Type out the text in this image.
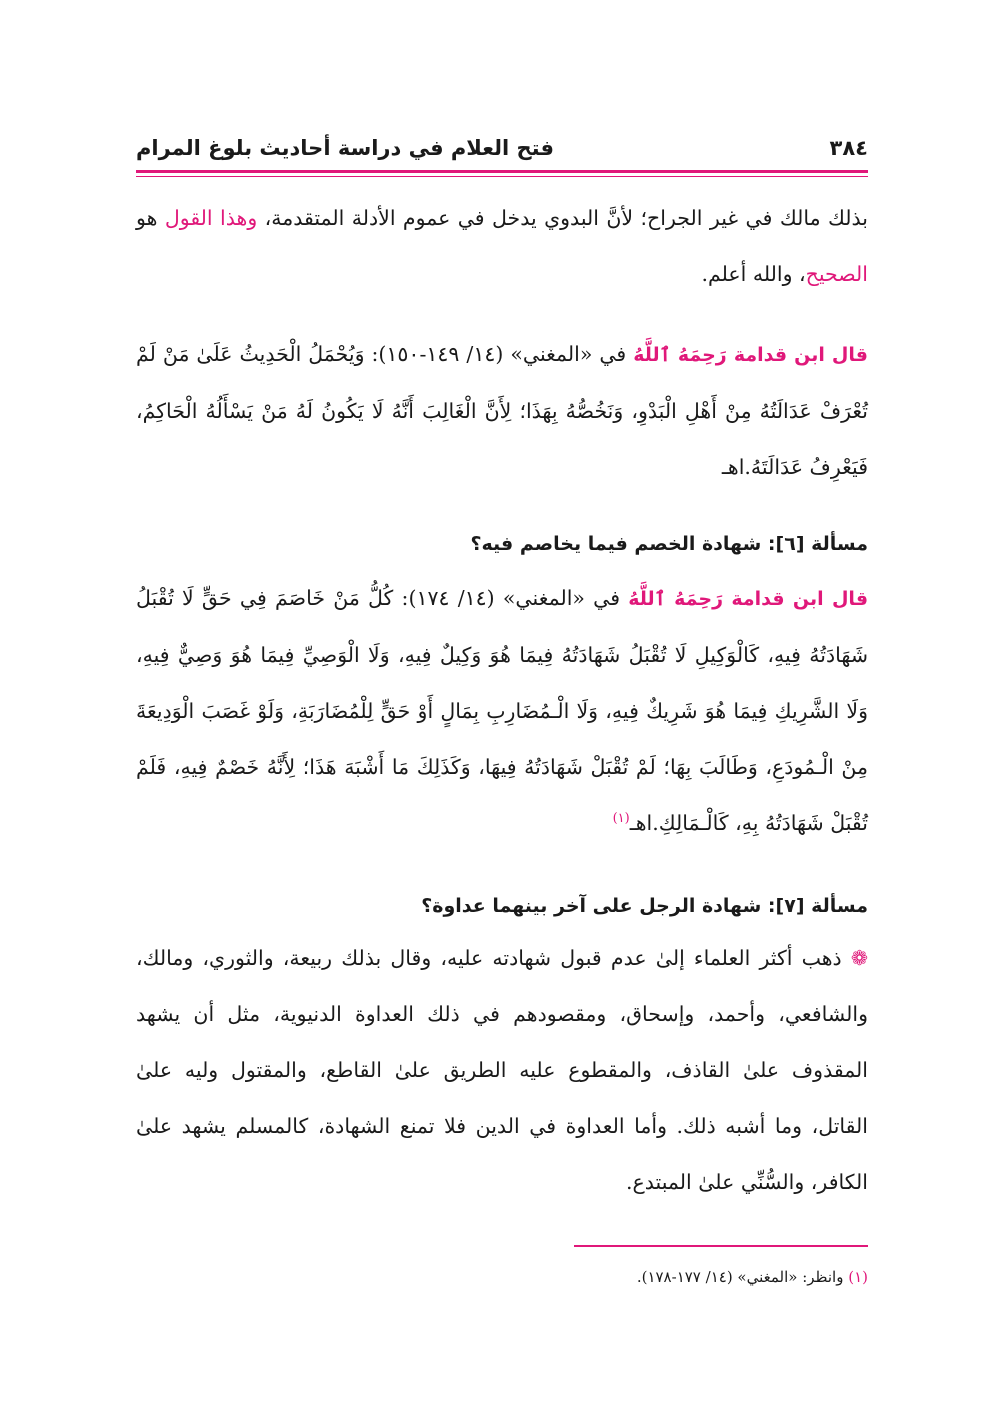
٣٨٤
فتح العلام في دراسة أحاديث بلوغ المرام
بذلك مالك في غير الجراح؛ لأنَّ البدوي يدخل في عموم الأدلة المتقدمة، وهذا القول هو الصحيح، والله أعلم.
قال ابن قدامة رَحِمَهُ ٱللَّهُ في «المغني» (١٤/ ١٤٩-١٥٠): وَيُحْمَلُ الْحَدِيثُ عَلَىٰ مَنْ لَمْ تُعْرَفْ عَدَالَتُهُ مِنْ أَهْلِ الْبَدْوِ، وَنَخُصُّهُ بِهَذَا؛ لِأَنَّ الْغَالِبَ أَنَّهُ لَا يَكُونُ لَهُ مَنْ يَسْأَلُهُ الْحَاكِمُ، فَيَعْرِفُ عَدَالَتَهُ.اهـ
مسألة [٦]: شهادة الخصم فيما يخاصم فيه؟
قال ابن قدامة رَحِمَهُ ٱللَّهُ في «المغني» (١٤/ ١٧٤): كُلُّ مَنْ خَاصَمَ فِي حَقٍّ لَا تُقْبَلُ شَهَادَتُهُ فِيهِ، كَالْوَكِيلِ لَا تُقْبَلُ شَهَادَتُهُ فِيمَا هُوَ وَكِيلٌ فِيهِ، وَلَا الْوَصِيِّ فِيمَا هُوَ وَصِيٌّ فِيهِ، وَلَا الشَّرِيكِ فِيمَا هُوَ شَرِيكٌ فِيهِ، وَلَا الْـمُضَارِبِ بِمَالٍ أَوْ حَقٍّ لِلْمُضَارَبَةِ، وَلَوْ غَصَبَ الْوَدِيعَةَ مِنْ الْـمُودَعِ، وَطَالَبَ بِهَا؛ لَمْ تُقْبَلْ شَهَادَتُهُ فِيهَا، وَكَذَلِكَ مَا أَشْبَهَ هَذَا؛ لِأَنَّهُ خَصْمٌ فِيهِ، فَلَمْ تُقْبَلْ شَهَادَتُهُ بِهِ، كَالْـمَالِكِ.اهـ$^{(١)}$
مسألة [٧]: شهادة الرجل على آخر بينهما عداوة؟
❁ ذهب أكثر العلماء إلىٰ عدم قبول شهادته عليه، وقال بذلك ربيعة، والثوري، ومالك، والشافعي، وأحمد، وإسحاق، ومقصودهم في ذلك العداوة الدنيوية، مثل أن يشهد المقذوف علىٰ القاذف، والمقطوع عليه الطريق علىٰ القاطع، والمقتول وليه علىٰ القاتل، وما أشبه ذلك. وأما العداوة في الدين فلا تمنع الشهادة، كالمسلم يشهد علىٰ الكافر، والسُّنِّي علىٰ المبتدع.
(١) وانظر: «المغني» (١٤/ ١٧٧-١٧٨).
